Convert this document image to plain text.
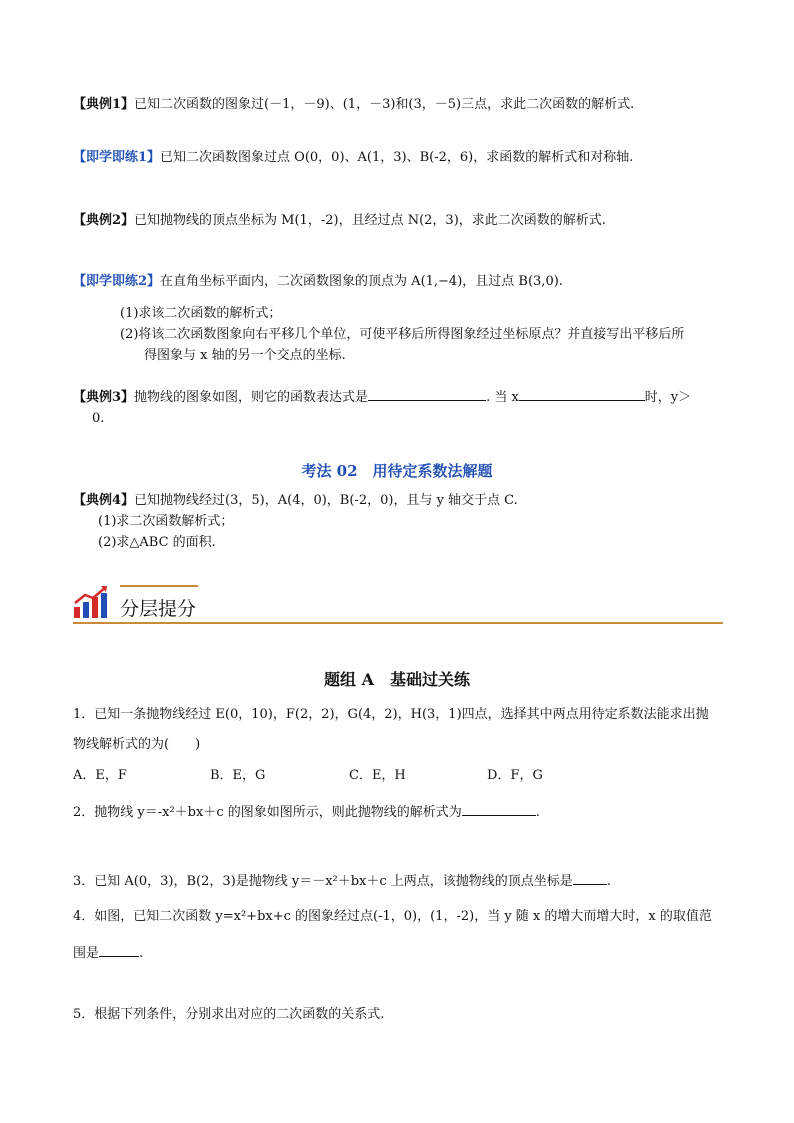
【典例1】已知二次函数的图象过(－1，－9)、(1，－3)和(3，－5)三点，求此二次函数的解析式.
【即学即练1】已知二次函数图象过点 O(0，0)、A(1，3)、B(-2，6)，求函数的解析式和对称轴.
【典例2】已知抛物线的顶点坐标为 M(1，-2)，且经过点 N(2，3)，求此二次函数的解析式.
【即学即练2】在直角坐标平面内，二次函数图象的顶点为 A(1,−4)，且过点 B(3,0).
(1)求该二次函数的解析式；
(2)将该二次函数图象向右平移几个单位，可使平移后所得图象经过坐标原点？并直接写出平移后所
得图象与 x 轴的另一个交点的坐标.
【典例3】抛物线的图象如图，则它的函数表达式是	. 当 x	时，y＞
0.
考法 02　用待定系数法解题
【典例4】已知抛物线经过(3，5)，A(4，0)，B(-2，0)，且与 y 轴交于点 C.
(1)求二次函数解析式；
(2)求△ABC 的面积.
分层提分
题组 A　基础过关练
1．已知一条抛物线经过 E(0，10)，F(2，2)，G(4，2)，H(3，1)四点，选择其中两点用待定系数法能求出抛
物线解析式的为(　　)
A．E，F	B．E，G	C．E，H	D．F，G
2．抛物线 y＝-x²＋bx＋c 的图象如图所示，则此抛物线的解析式为	.
3．已知 A(0，3)，B(2，3)是抛物线 y＝－x²＋bx＋c 上两点，该抛物线的顶点坐标是	.
4．如图，已知二次函数 y=x²+bx+c 的图象经过点(-1，0)，(1，-2)，当 y 随 x 的增大而增大时，x 的取值范
围是	.
5．根据下列条件，分别求出对应的二次函数的关系式.
